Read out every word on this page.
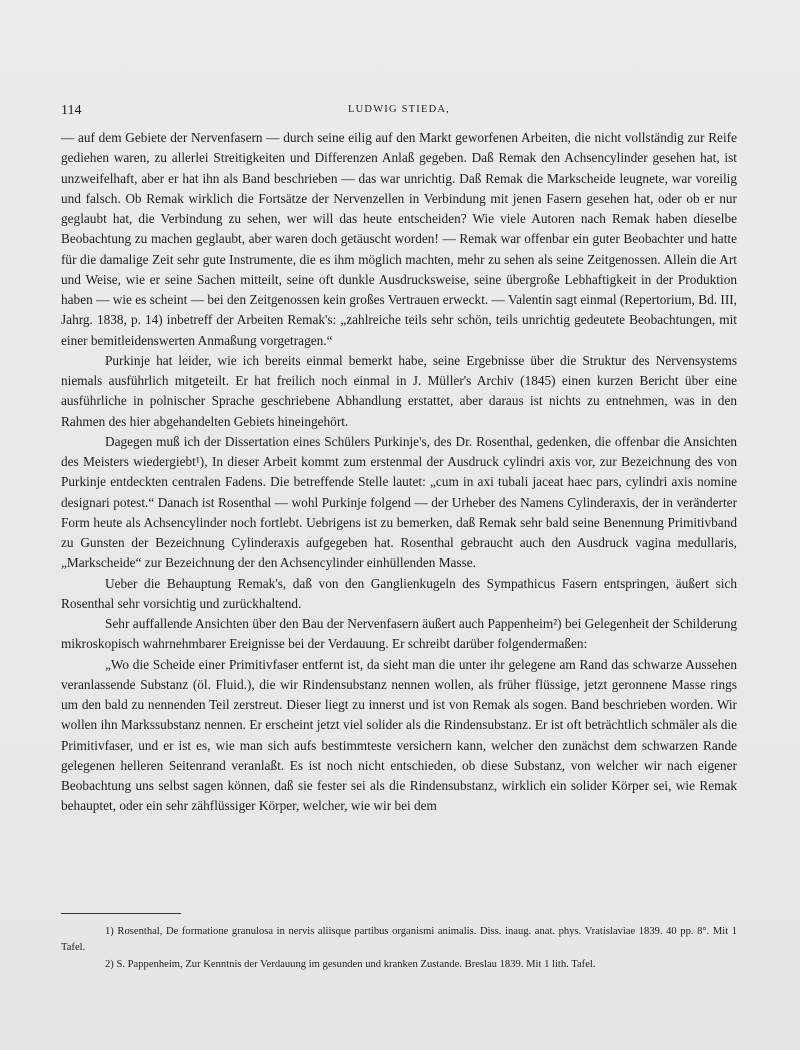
114	LUDWIG STIEDA,

— auf dem Gebiete der Nervenfasern — durch seine eilig auf den Markt geworfenen Arbeiten, die nicht vollständig zur Reife gediehen waren, zu allerlei Streitigkeiten und Differenzen Anlaß gegeben. Daß Remak den Achsencylinder gesehen hat, ist unzweifelhaft, aber er hat ihn als Band beschrieben — das war unrichtig. Daß Remak die Markscheide leugnete, war voreilig und falsch. Ob Remak wirklich die Fortsätze der Nervenzellen in Verbindung mit jenen Fasern gesehen hat, oder ob er nur geglaubt hat, die Verbindung zu sehen, wer will das heute entscheiden? Wie viele Autoren nach Remak haben dieselbe Beobachtung zu machen geglaubt, aber waren doch getäuscht worden! — Remak war offenbar ein guter Beobachter und hatte für die damalige Zeit sehr gute Instrumente, die es ihm möglich machten, mehr zu sehen als seine Zeitgenossen. Allein die Art und Weise, wie er seine Sachen mitteilt, seine oft dunkle Ausdrucksweise, seine übergroße Lebhaftigkeit in der Produktion haben — wie es scheint — bei den Zeitgenossen kein großes Vertrauen erweckt. — Valentin sagt einmal (Repertorium, Bd. III, Jahrg. 1838, p. 14) inbetreff der Arbeiten Remak's: „zahlreiche teils sehr schön, teils unrichtig gedeutete Beobachtungen, mit einer bemitleidenswerten Anmaßung vorgetragen.“

Purkinje hat leider, wie ich bereits einmal bemerkt habe, seine Ergebnisse über die Struktur des Nervensystems niemals ausführlich mitgeteilt. Er hat freilich noch einmal in J. Müller's Archiv (1845) einen kurzen Bericht über eine ausführliche in polnischer Sprache geschriebene Abhandlung erstattet, aber daraus ist nichts zu entnehmen, was in den Rahmen des hier abgehandelten Gebiets hineingehört.

Dagegen muß ich der Dissertation eines Schülers Purkinje's, des Dr. Rosenthal, gedenken, die offenbar die Ansichten des Meisters wiedergiebt¹), In dieser Arbeit kommt zum erstenmal der Ausdruck cylindri axis vor, zur Bezeichnung des von Purkinje entdeckten centralen Fadens. Die betreffende Stelle lautet: „cum in axi tubali jaceat haec pars, cylindri axis nomine designari potest.“ Danach ist Rosenthal — wohl Purkinje folgend — der Urheber des Namens Cylinderaxis, der in veränderter Form heute als Achsencylinder noch fortlebt. Uebrigens ist zu bemerken, daß Remak sehr bald seine Benennung Primitivband zu Gunsten der Bezeichnung Cylinderaxis aufgegeben hat. Rosenthal gebraucht auch den Ausdruck vagina medullaris, „Markscheide“ zur Bezeichnung der den Achsencylinder einhüllenden Masse.

Ueber die Behauptung Remak's, daß von den Ganglienkugeln des Sympathicus Fasern entspringen, äußert sich Rosenthal sehr vorsichtig und zurückhaltend.

Sehr auffallende Ansichten über den Bau der Nervenfasern äußert auch Pappenheim²) bei Gelegenheit der Schilderung mikroskopisch wahrnehmbarer Ereignisse bei der Verdauung. Er schreibt darüber folgendermaßen:

„Wo die Scheide einer Primitivfaser entfernt ist, da sieht man die unter ihr gelegene am Rand das schwarze Aussehen veranlassende Substanz (öl. Fluid.), die wir Rindensubstanz nennen wollen, als früher flüssige, jetzt geronnene Masse rings um den bald zu nennenden Teil zerstreut. Dieser liegt zu innerst und ist von Remak als sogen. Band beschrieben worden. Wir wollen ihn Markssubstanz nennen. Er erscheint jetzt viel solider als die Rindensubstanz. Er ist oft beträchtlich schmäler als die Primitivfaser, und er ist es, wie man sich aufs bestimmteste versichern kann, welcher den zunächst dem schwarzen Rande gelegenen helleren Seitenrand veranlaßt. Es ist noch nicht entschieden, ob diese Substanz, von welcher wir nach eigener Beobachtung uns selbst sagen können, daß sie fester sei als die Rindensubstanz, wirklich ein solider Körper sei, wie Remak behauptet, oder ein sehr zähflüssiger Körper, welcher, wie wir bei dem

1) Rosenthal, De formatione granulosa in nervis aliisque partibus organismi animalis. Diss. inaug. anat. phys. Vratislaviae 1839. 40 pp. 8°. Mit 1 Tafel.

2) S. Pappenheim, Zur Kenntnis der Verdauung im gesunden und kranken Zustande. Breslau 1839. Mit 1 lith. Tafel.
